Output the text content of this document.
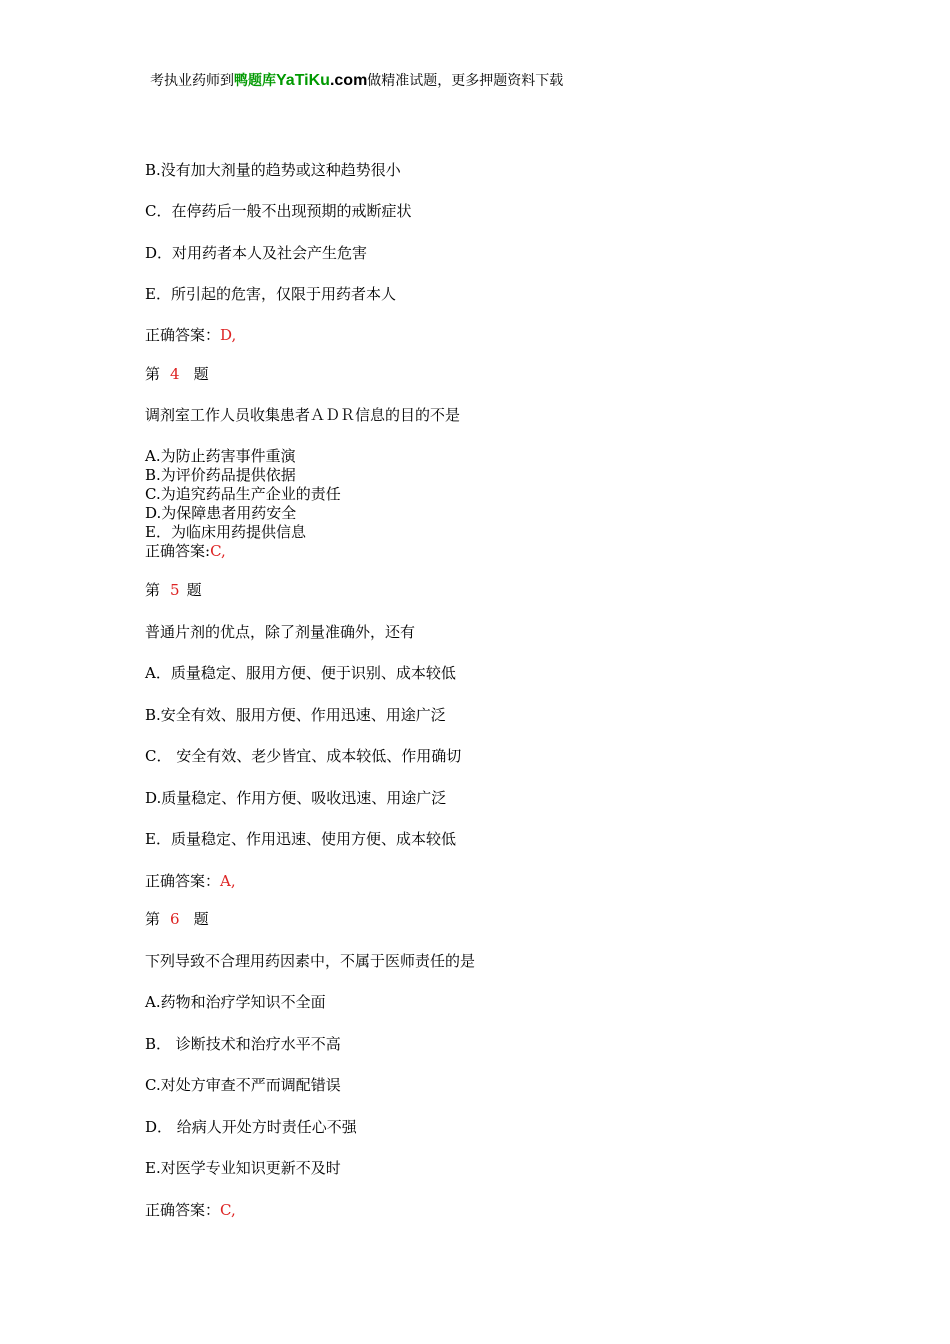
考执业药师到鸭题库YaTiKu.com做精准试题，更多押题资料下载
B.没有加大剂量的趋势或这种趋势很小
C．在停药后一般不出现预期的戒断症状
D．对用药者本人及社会产生危害
E．所引起的危害，仅限于用药者本人
正确答案：D,
第 4 题
调剂室工作人员收集患者ＡＤＲ信息的目的不是
A.为防止药害事件重演
B.为评价药品提供依据
C.为追究药品生产企业的责任
D.为保障患者用药安全
E．为临床用药提供信息
正确答案:C,
第 5 题
普通片剂的优点，除了剂量准确外，还有
A．质量稳定、服用方便、便于识别、成本较低
B.安全有效、服用方便、作用迅速、用途广泛
C． 安全有效、老少皆宜、成本较低、作用确切
D.质量稳定、作用方便、吸收迅速、用途广泛
E．质量稳定、作用迅速、使用方便、成本较低
正确答案：A,
第 6 题
下列导致不合理用药因素中，不属于医师责任的是
A.药物和治疗学知识不全面
B． 诊断技术和治疗水平不高
C.对处方审查不严而调配错误
D． 给病人开处方时责任心不强
E.对医学专业知识更新不及时
正确答案：C,
